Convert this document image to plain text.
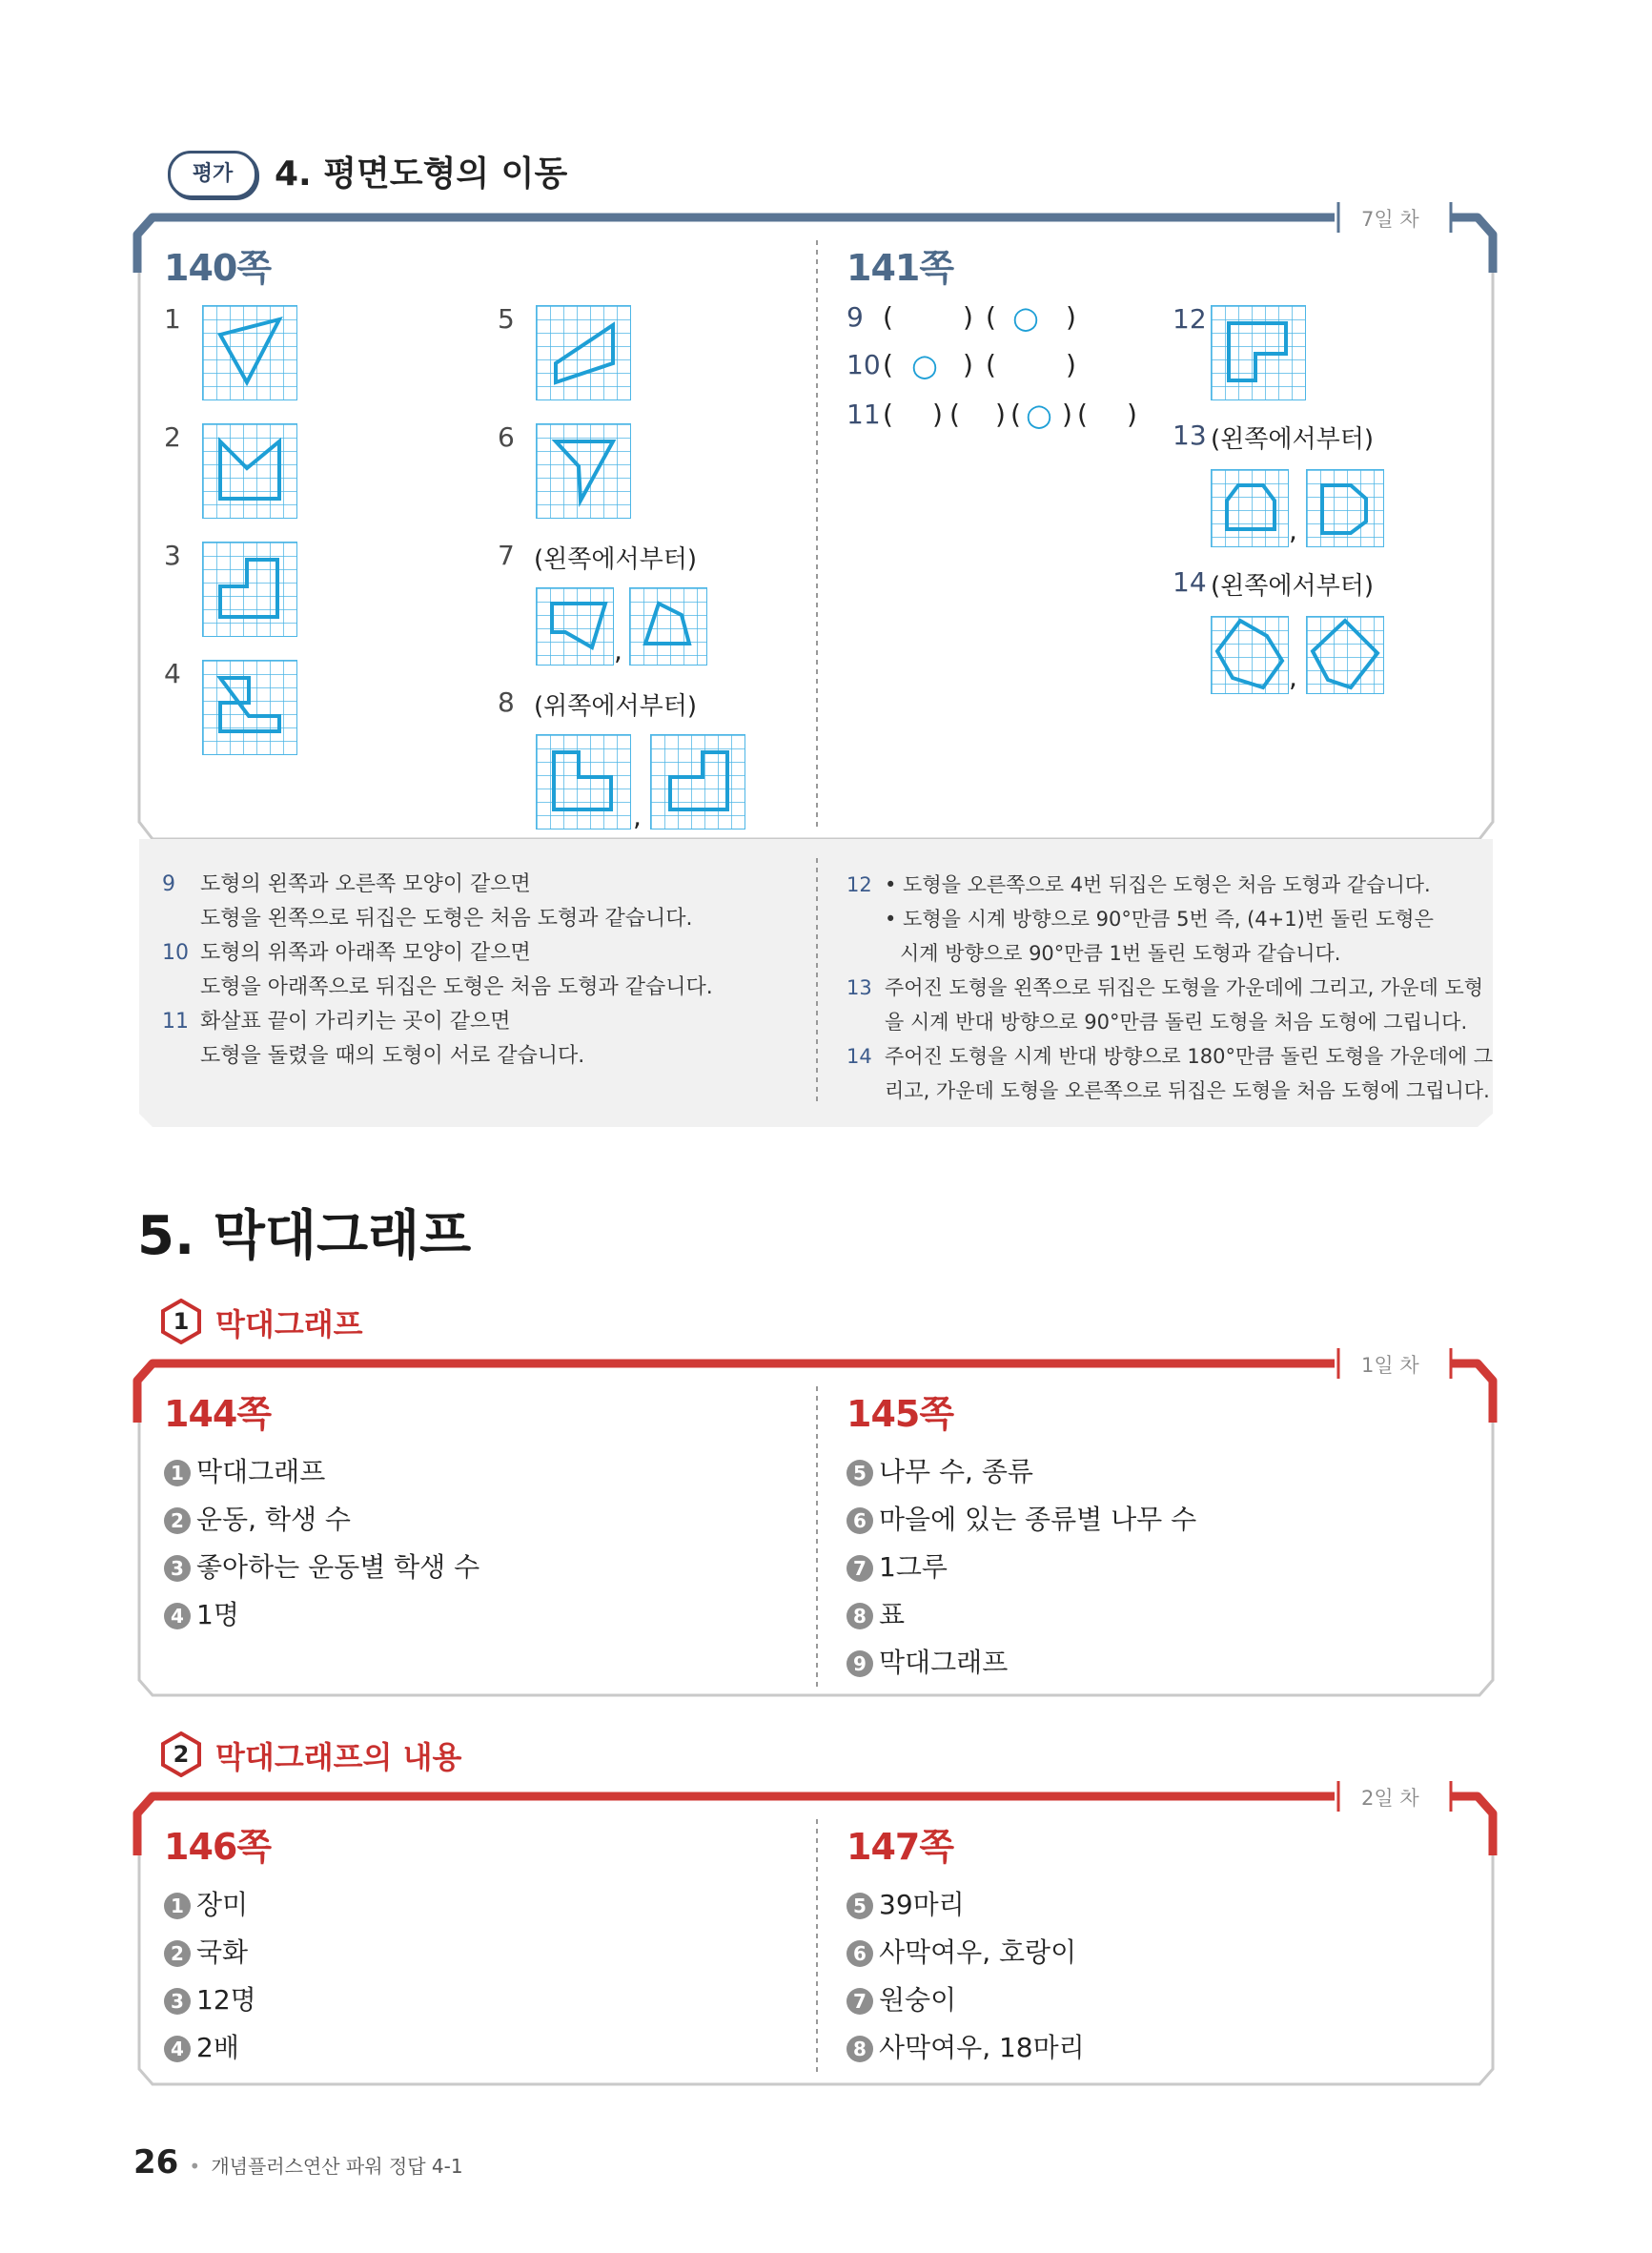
평가	4. 평면도형의 이동
7일 차
140쪽	141쪽
1
2
3
4
5
6
7 (왼쪽에서부터)
,
8 (위쪽에서부터)
,
9 (	) ( ○ )
10 ( ○ ) (	)
11 ( ) ( ) ( ○ ) ( )
12
13 (왼쪽에서부터)
,
14 (왼쪽에서부터)
,
9 도형의 왼쪽과 오른쪽 모양이 같으면
도형을 왼쪽으로 뒤집은 도형은 처음 도형과 같습니다.
10 도형의 위쪽과 아래쪽 모양이 같으면
도형을 아래쪽으로 뒤집은 도형은 처음 도형과 같습니다.
11 화살표 끝이 가리키는 곳이 같으면
도형을 돌렸을 때의 도형이 서로 같습니다.
12 • 도형을 오른쪽으로 4번 뒤집은 도형은 처음 도형과 같습니다.
• 도형을 시계 방향으로 90°만큼 5번 즉, (4+1)번 돌린 도형은
시계 방향으로 90°만큼 1번 돌린 도형과 같습니다.
13 주어진 도형을 왼쪽으로 뒤집은 도형을 가운데에 그리고, 가운데 도형
을 시계 반대 방향으로 90°만큼 돌린 도형을 처음 도형에 그립니다.
14 주어진 도형을 시계 반대 방향으로 180°만큼 돌린 도형을 가운데에 그
리고, 가운데 도형을 오른쪽으로 뒤집은 도형을 처음 도형에 그립니다.
5. 막대그래프
1 막대그래프
1일 차
144쪽	145쪽
1 막대그래프
2 운동, 학생 수
3 좋아하는 운동별 학생 수
4 1명
5 나무 수, 종류
6 마을에 있는 종류별 나무 수
7 1그루
8 표
9 막대그래프
2 막대그래프의 내용
2일 차
146쪽	147쪽
1 장미
2 국화
3 12명
4 2배
5 39마리
6 사막여우, 호랑이
7 원숭이
8 사막여우, 18마리
26 • 개념플러스연산 파워 정답 4-1
